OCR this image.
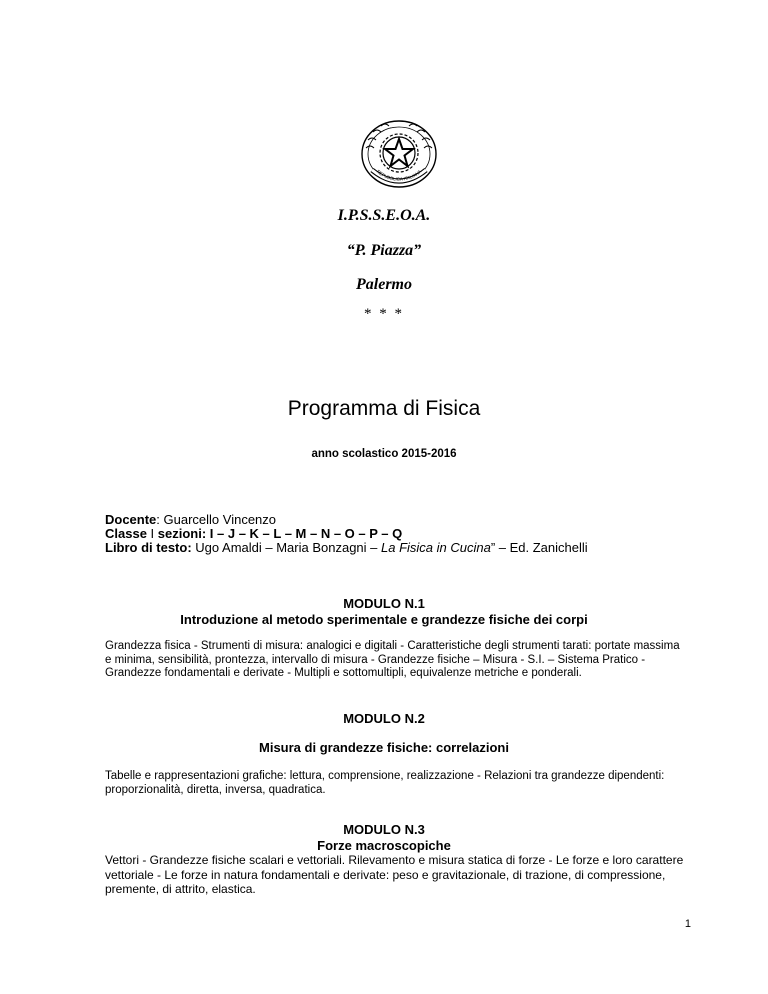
REPUBBLICA ITALIANA
I.P.S.S.E.O.A.
“P. Piazza”
Palermo
* * *
Programma di Fisica
anno scolastico 2015-2016
Docente: Guarcello Vincenzo
Classe I sezioni: I – J – K – L – M – N – O – P – Q
Libro di testo: Ugo Amaldi – Maria Bonzagni – La Fisica in Cucina” – Ed. Zanichelli
MODULO N.1
Introduzione al metodo sperimentale e grandezze fisiche dei corpi
Grandezza fisica - Strumenti di misura: analogici e digitali - Caratteristiche degli strumenti tarati: portate massima e minima, sensibilità, prontezza, intervallo di misura - Grandezze fisiche – Misura - S.I. – Sistema Pratico - Grandezze fondamentali e derivate - Multipli e sottomultipli, equivalenze metriche e ponderali.
MODULO N.2
Misura di grandezze fisiche: correlazioni
Tabelle e rappresentazioni grafiche: lettura, comprensione, realizzazione - Relazioni tra grandezze dipendenti: proporzionalità, diretta, inversa, quadratica.
MODULO N.3
Forze macroscopiche
Vettori - Grandezze fisiche scalari e vettoriali. Rilevamento e misura statica di forze - Le forze e loro carattere vettoriale - Le forze in natura fondamentali e derivate: peso e gravitazionale, di trazione, di compressione, premente, di attrito, elastica.
1
